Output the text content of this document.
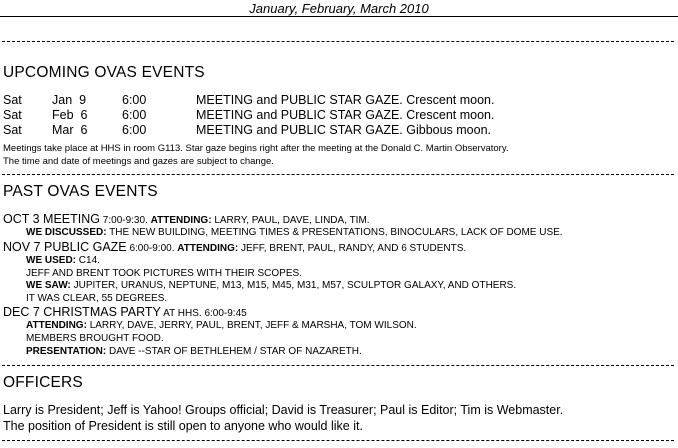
January, February, March 2010
UPCOMING OVAS EVENTS
Sat Jan  9	6:00	MEETING and PUBLIC STAR GAZE. Crescent moon.
Sat Feb  6	6:00	MEETING and PUBLIC STAR GAZE. Crescent moon.
Sat Mar  6	6:00	MEETING and PUBLIC STAR GAZE. Gibbous moon.
Meetings take place at HHS in room G113. Star gaze begins right after the meeting at the Donald C. Martin Observatory.
The time and date of meetings and gazes are subject to change.
PAST OVAS EVENTS
OCT 3 MEETING 7:00-9:30. ATTENDING: LARRY, PAUL, DAVE, LINDA, TIM.
WE DISCUSSED: THE NEW BUILDING, MEETING TIMES & PRESENTATIONS, BINOCULARS, LACK OF DOME USE.
NOV 7 PUBLIC GAZE 6:00-9:00. ATTENDING: JEFF, BRENT, PAUL, RANDY, AND 6 STUDENTS.
WE USED: C14.
JEFF AND BRENT TOOK PICTURES WITH THEIR SCOPES.
WE SAW: JUPITER, URANUS, NEPTUNE, M13, M15, M45, M31, M57, SCULPTOR GALAXY, AND OTHERS.
IT WAS CLEAR, 55 DEGREES.
DEC 7 CHRISTMAS PARTY AT HHS. 6:00-9:45
ATTENDING: LARRY, DAVE, JERRY, PAUL, BRENT, JEFF & MARSHA, TOM WILSON.
MEMBERS BROUGHT FOOD.
PRESENTATION: DAVE --STAR OF BETHLEHEM / STAR OF NAZARETH.
OFFICERS
Larry is President; Jeff is Yahoo! Groups official; David is Treasurer; Paul is Editor; Tim is Webmaster.
The position of President is still open to anyone who would like it.
